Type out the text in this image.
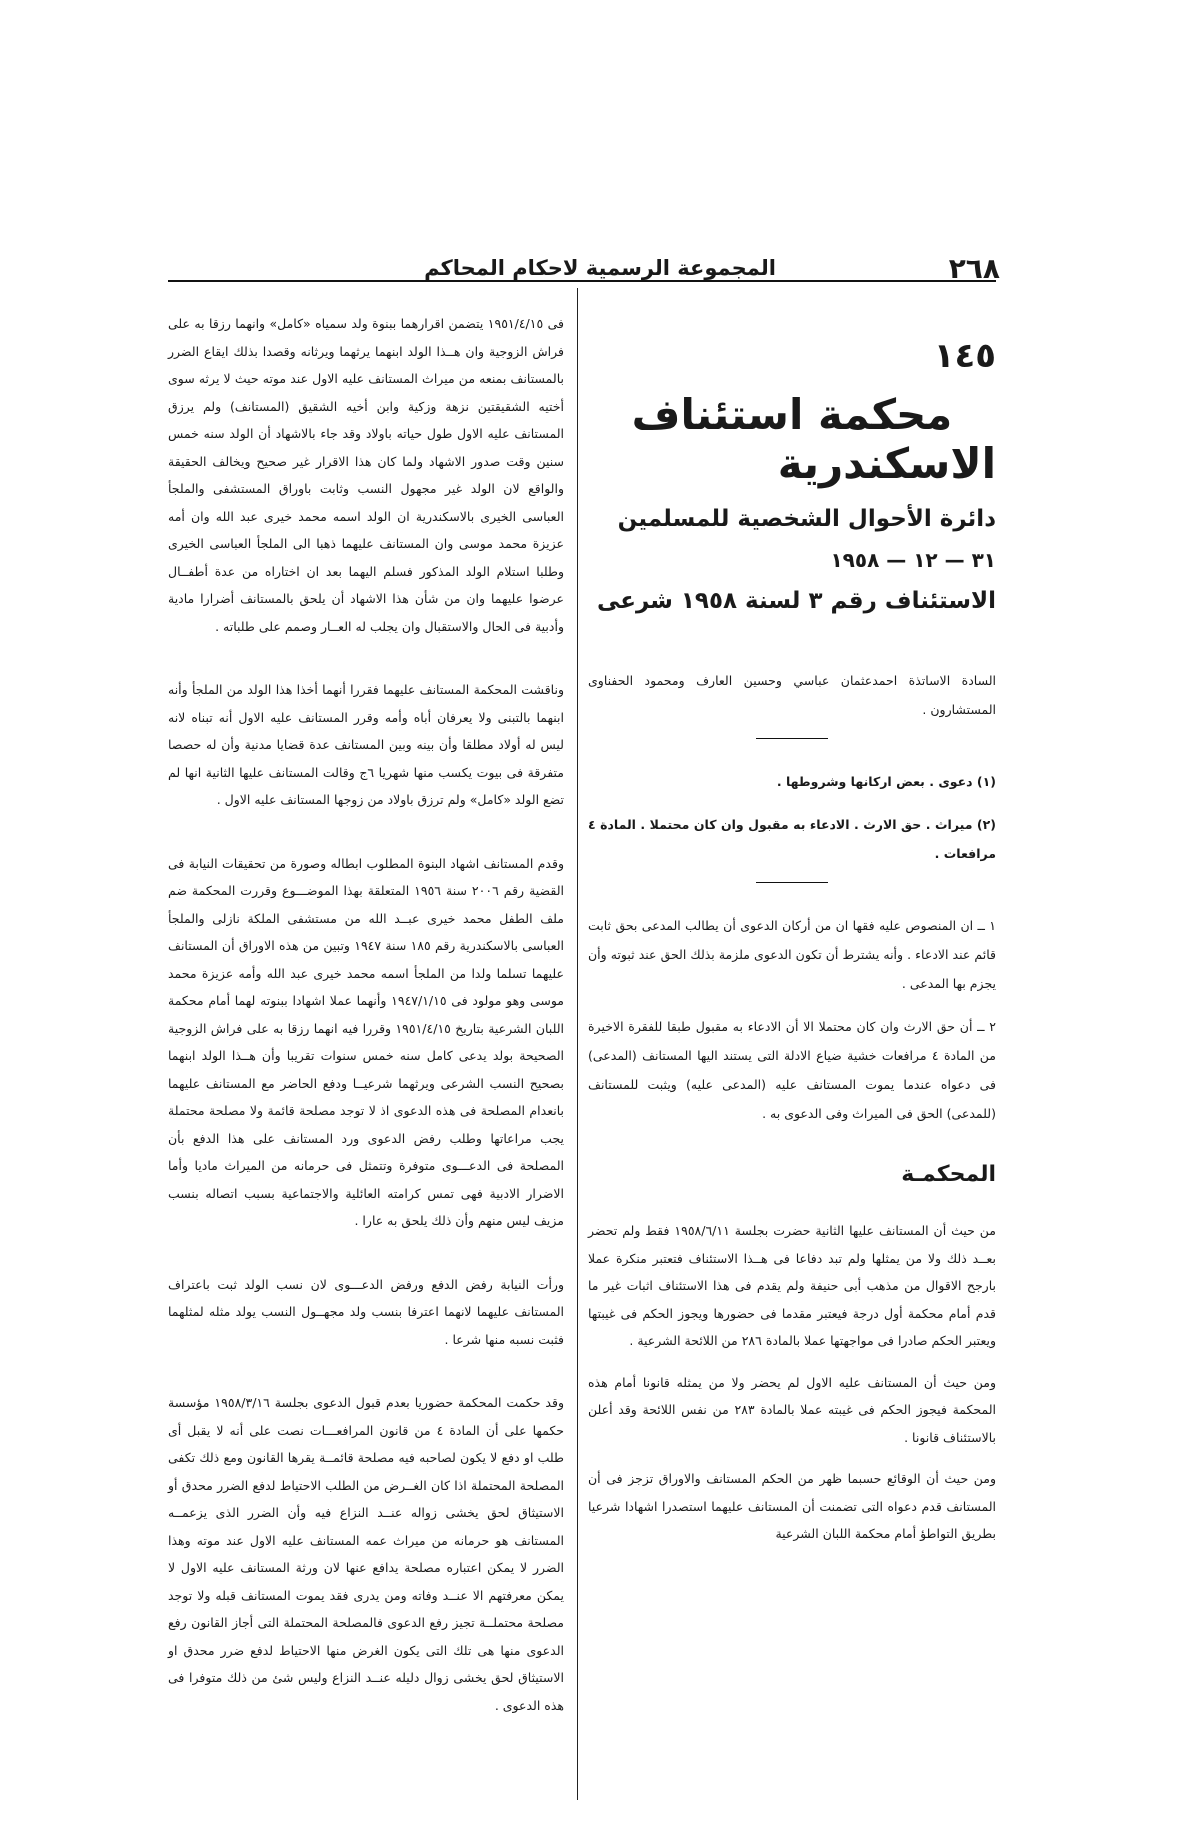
٢٦٨
المجموعة الرسمية لاحكام المحاكم
١٤٥
محكمة استئناف الاسكندرية
دائرة الأحوال الشخصية للمسلمين
٣١ — ١٢ — ١٩٥٨
الاستئناف رقم ٣ لسنة ١٩٥٨ شرعى

السادة الاساتذة احمدعثمان عباسي وحسين العارف ومحمود الحفناوى المستشارون .

(١) دعوى . بعض اركانها وشروطها .

(٢) ميراث . حق الارث . الادعاء به مقبول وان كان محتملا . المادة ٤ مرافعات .

١ ــ ان المنصوص عليه فقها ان من أركان الدعوى أن يطالب المدعى بحق ثابت قائم عند الادعاء . وأنه يشترط أن تكون الدعوى ملزمة بذلك الحق عند ثبوته وأن يجزم بها المدعى .

٢ ــ أن حق الارث وان كان محتملا الا أن الادعاء به مقبول طبقا للفقرة الاخيرة من المادة ٤ مرافعات خشية ضياع الادلة التى يستند اليها المستانف (المدعى) فى دعواه عندما يموت المستانف عليه (المدعى عليه) ويثبت للمستانف (للمدعى) الحق فى الميراث وفى الدعوى به .

المحكمـة

من حيث أن المستانف عليها الثانية حضرت بجلسة ١٩٥٨/٦/١١ فقط ولم تحضر بعــد ذلك ولا من يمثلها ولم تبد دفاعا فى هــذا الاستئناف فتعتبر منكرة عملا بارجح الاقوال من مذهب أبى حنيفة ولم يقدم فى هذا الاستئناف اثبات غير ما قدم أمام محكمة أول درجة فيعتبر مقدما فى حضورها ويجوز الحكم فى غيبتها ويعتبر الحكم صادرا فى مواجهتها عملا بالمادة ٢٨٦ من اللائحة الشرعية .

ومن حيث أن المستانف عليه الاول لم يحضر ولا من يمثله قانونا أمام هذه المحكمة فيجوز الحكم فى غيبته عملا بالمادة ٢٨٣ من نفس اللائحة وقد أعلن بالاستئناف قانونا .

ومن حيث أن الوقائع حسبما ظهر من الحكم المستانف والاوراق تزجز فى أن المستانف قدم دعواه التى تضمنت أن المستانف عليهما استصدرا اشهادا شرعيا بطريق التواطؤ أمام محكمة اللبان الشرعية

فى ١٩٥١/٤/١٥ يتضمن اقرارهما ببنوة ولد سمياه «كامل» وانهما رزقا به على فراش الزوجية وان هــذا الولد ابنهما يرثهما ويرثانه وقصدا بذلك ايقاع الضرر بالمستانف بمنعه من ميراث المستانف عليه الاول عند موته حيث لا يرثه سوى أختيه الشقيقتين نزهة وزكية وابن أخيه الشقيق (المستانف) ولم يرزق المستانف عليه الاول طول حياته باولاد وقد جاء بالاشهاد أن الولد سنه خمس سنين وقت صدور الاشهاد ولما كان هذا الاقرار غير صحيح ويخالف الحقيقة والواقع لان الولد غير مجهول النسب وثابت باوراق المستشفى والملجأ العباسى الخيرى بالاسكندرية ان الولد اسمه محمد خيرى عبد الله وان أمه عزيزة محمد موسى وان المستانف عليهما ذهبا الى الملجأ العباسى الخيرى وطلبا استلام الولد المذكور فسلم اليهما بعد ان اختاراه من عدة أطفــال عرضوا عليهما وان من شأن هذا الاشهاد أن يلحق بالمستانف أضرارا مادية وأدبية فى الحال والاستقبال وان يجلب له العــار وصمم على طلباته .

وناقشت المحكمة المستانف عليهما فقررا أنهما أخذا هذا الولد من الملجأ وأنه ابنهما بالتبنى ولا يعرفان أباه وأمه وقرر المستانف عليه الاول أنه تبناه لانه ليس له أولاد مطلقا وأن بينه وبين المستانف عدة قضايا مدنية وأن له حصصا متفرقة فى بيوت يكسب منها شهريا ٦ج وقالت المستانف عليها الثانية انها لم تضع الولد «كامل» ولم ترزق باولاد من زوجها المستانف عليه الاول .

وقدم المستانف اشهاد البنوة المطلوب ابطاله وصورة من تحقيقات النيابة فى القضية رقم ٢٠٠٦ سنة ١٩٥٦ المتعلقة بهذا الموضـــوع وقررت المحكمة ضم ملف الطفل محمد خيرى عبــد الله من مستشفى الملكة نازلى والملجأ العباسى بالاسكندرية رقم ١٨٥ سنة ١٩٤٧ وتبين من هذه الاوراق أن المستانف عليهما تسلما ولدا من الملجأ اسمه محمد خيرى عبد الله وأمه عزيزة محمد موسى وهو مولود فى ١٩٤٧/١/١٥ وأنهما عملا اشهادا ببنوته لهما أمام محكمة اللبان الشرعية بتاريخ ١٩٥١/٤/١٥ وقررا فيه انهما رزقا به على فراش الزوجية الصحيحة بولد يدعى كامل سنه خمس سنوات تقريبا وأن هــذا الولد ابنهما بصحيح النسب الشرعى ويرثهما شرعيــا ودفع الحاضر مع المستانف عليهما بانعدام المصلحة فى هذه الدعوى اذ لا توجد مصلحة قائمة ولا مصلحة محتملة يجب مراعاتها وطلب رفض الدعوى ورد المستانف على هذا الدفع بأن المصلحة فى الدعـــوى متوفرة وتتمثل فى حرمانه من الميراث ماديا وأما الاضرار الادبية فهى تمس كرامته العائلية والاجتماعية بسبب اتصاله بنسب مزيف ليس منهم وأن ذلك يلحق به عارا .

ورأت النيابة رفض الدفع ورفض الدعـــوى لان نسب الولد ثبت باعتراف المستانف عليهما لانهما اعترفا بنسب ولد مجهــول النسب يولد مثله لمثلهما فثبت نسبه منها شرعا .

وقد حكمت المحكمة حضوريا بعدم قبول الدعوى بجلسة ١٩٥٨/٣/١٦ مؤسسة حكمها على أن المادة ٤ من قانون المرافعـــات نصت على أنه لا يقبل أى طلب او دفع لا يكون لصاحبه فيه مصلحة قائمــة يقرها القانون ومع ذلك تكفى المصلحة المحتملة اذا كان الغــرض من الطلب الاحتياط لدفع الضرر محدق أو الاستيثاق لحق يخشى زواله عنــد النزاع فيه وأن الضرر الذى يزعمــه المستانف هو حرمانه من ميراث عمه المستانف عليه الاول عند موته وهذا الضرر لا يمكن اعتباره مصلحة يدافع عنها لان ورثة المستانف عليه الاول لا يمكن معرفتهم الا عنــد وفاته ومن يدرى فقد يموت المستانف قبله ولا توجد مصلحة محتملــة تجيز رفع الدعوى فالمصلحة المحتملة التى أجاز القانون رفع الدعوى منها هى تلك التى يكون الغرض منها الاحتياط لدفع ضرر محدق او الاستيثاق لحق يخشى زوال دليله عنــد النزاع وليس شئ من ذلك متوفرا فى هذه الدعوى .
